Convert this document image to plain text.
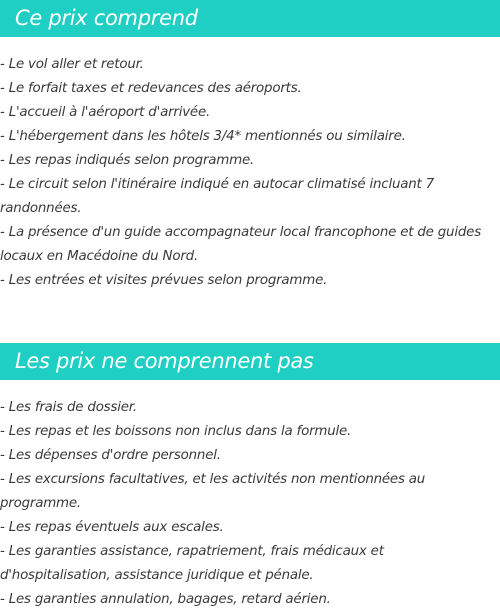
Ce prix comprend
- Le vol aller et retour.
- Le forfait taxes et redevances des aéroports.
- L'accueil à l'aéroport d'arrivée.
- L'hébergement dans les hôtels 3/4* mentionnés ou similaire.
- Les repas indiqués selon programme.
- Le circuit selon l'itinéraire indiqué en autocar climatisé incluant 7 randonnées.
- La présence d'un guide accompagnateur local francophone et de guides locaux en Macédoine du Nord.
- Les entrées et visites prévues selon programme.
Les prix ne comprennent pas
- Les frais de dossier.
- Les repas et les boissons non inclus dans la formule.
- Les dépenses d'ordre personnel.
- Les excursions facultatives, et les activités non mentionnées au programme.
- Les repas éventuels aux escales.
- Les garanties assistance, rapatriement, frais médicaux et d'hospitalisation, assistance juridique et pénale.
- Les garanties annulation, bagages, retard aérien.
